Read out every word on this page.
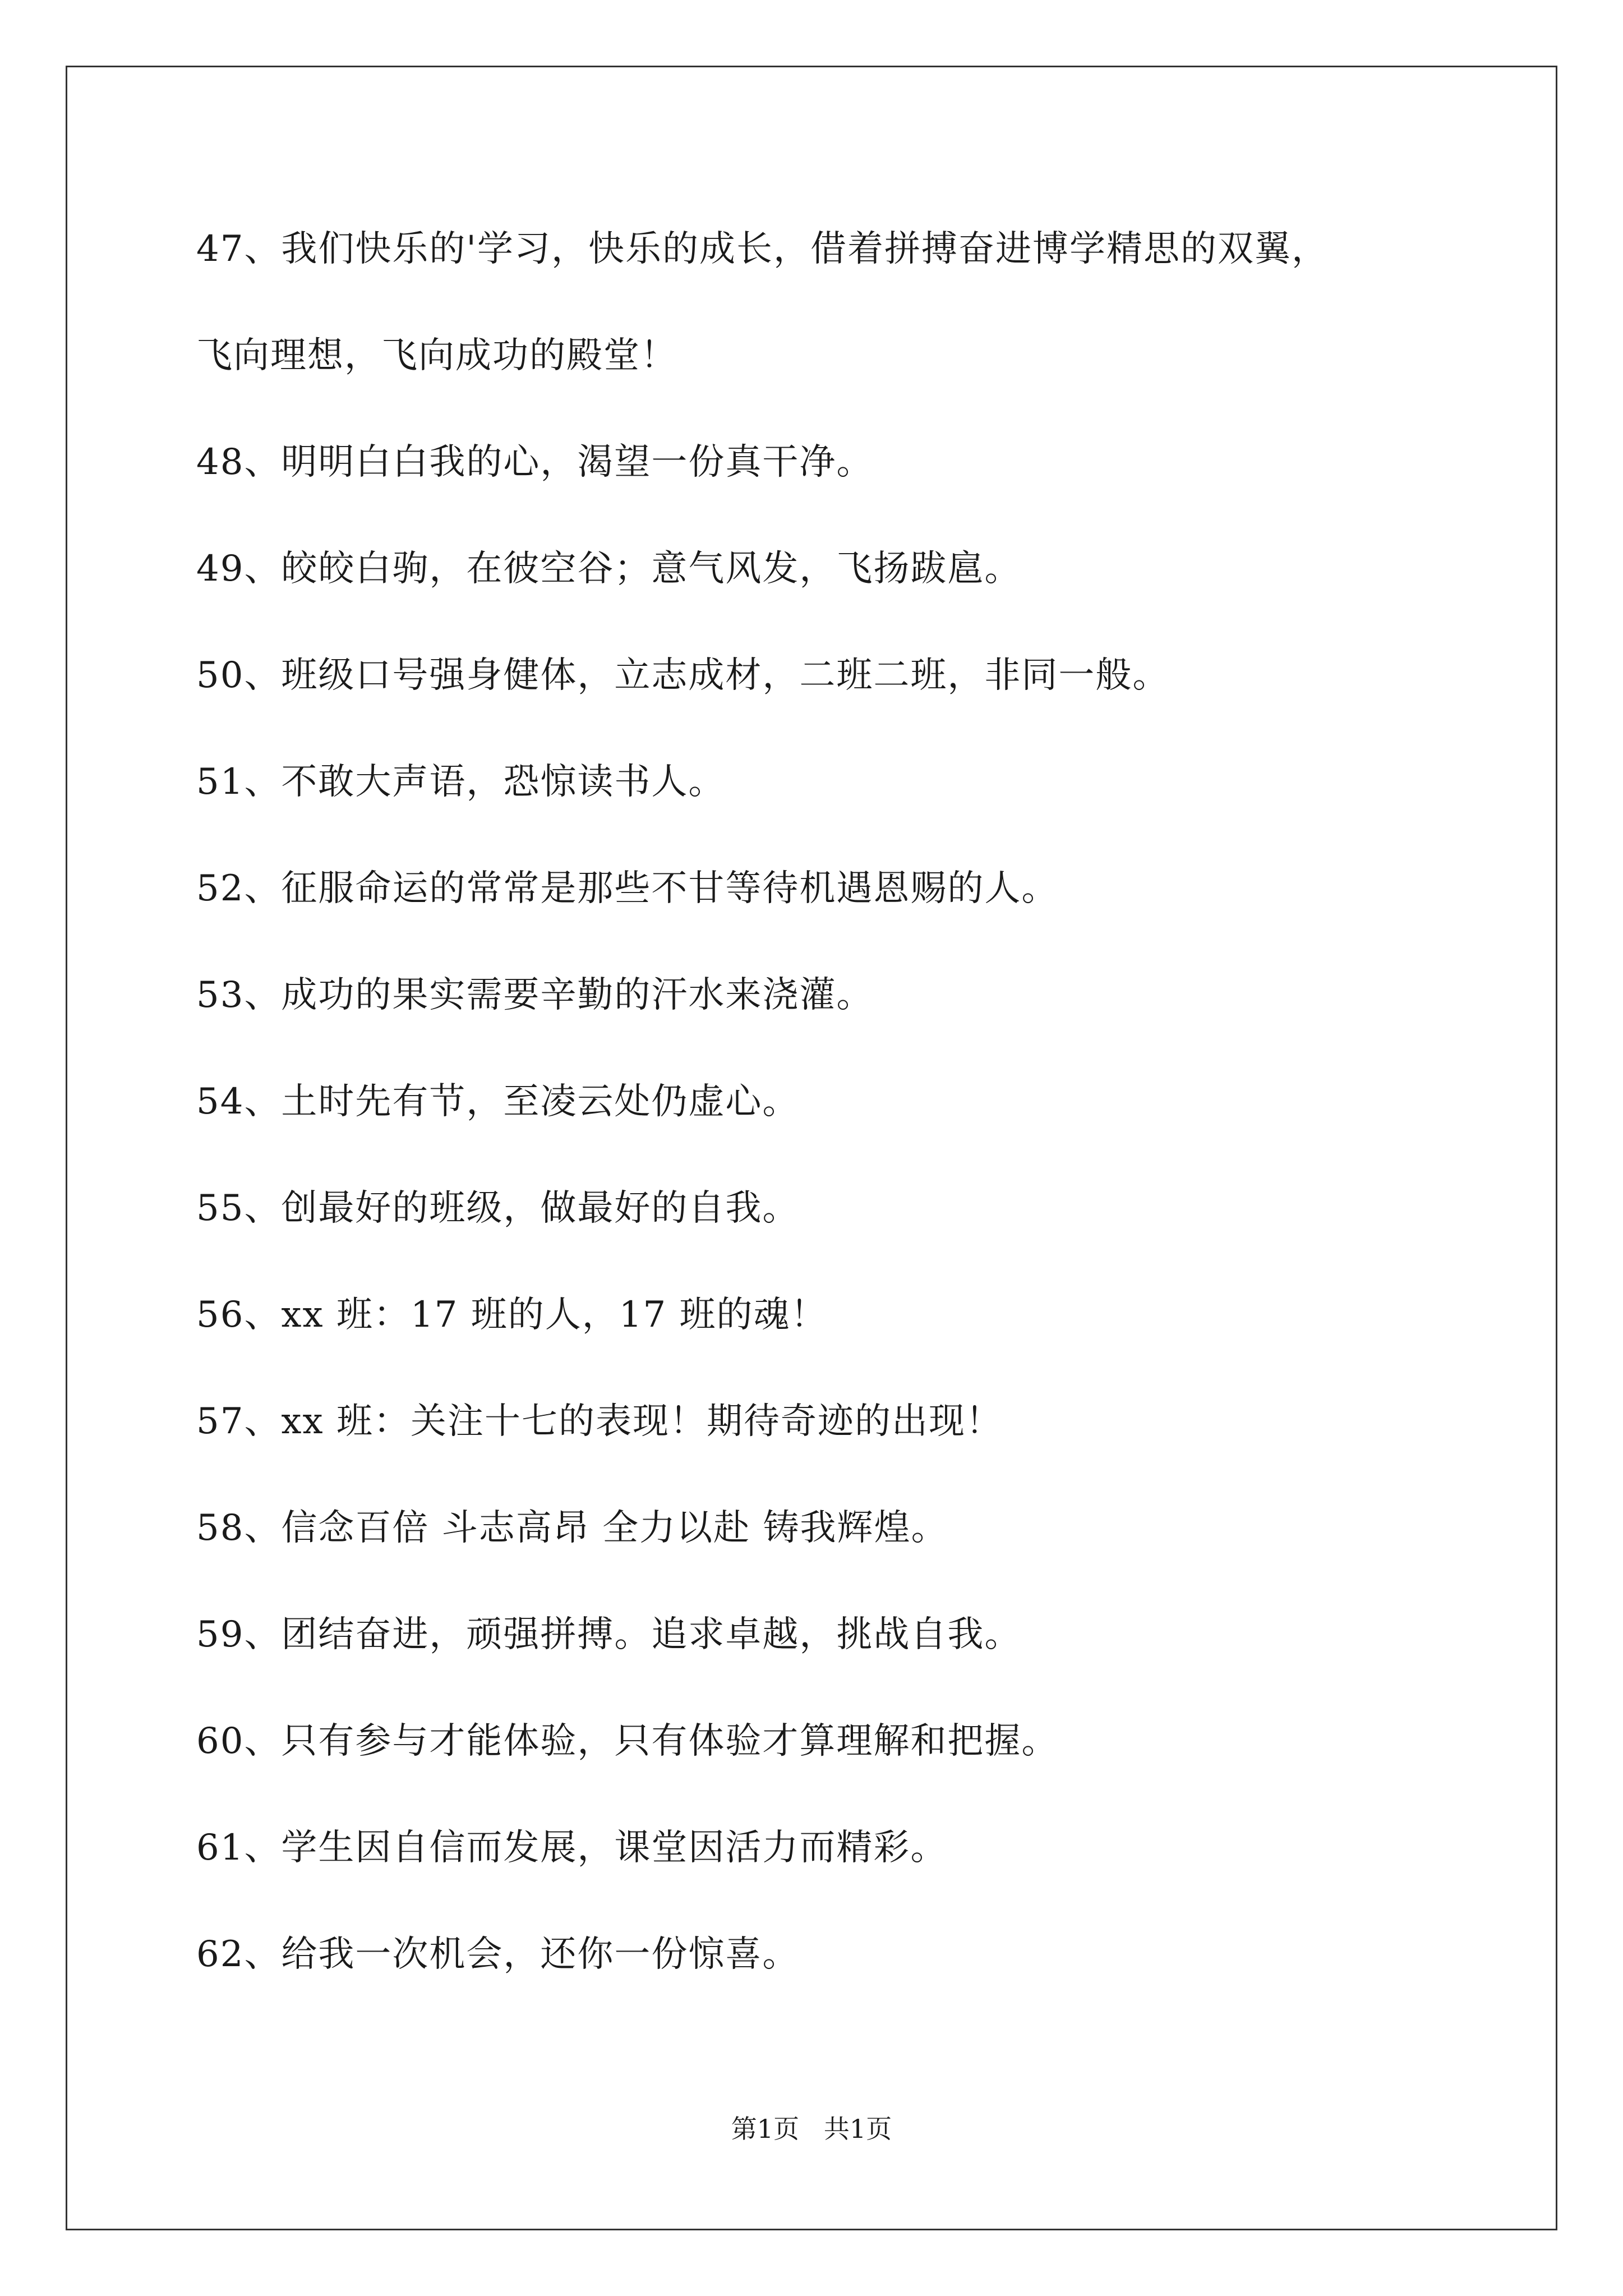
47、我们快乐的'学习，快乐的成长，借着拼搏奋进博学精思的双翼，
飞向理想，飞向成功的殿堂！
48、明明白白我的心，渴望一份真干净。
49、皎皎白驹，在彼空谷；意气风发，飞扬跋扈。
50、班级口号强身健体，立志成材，二班二班，非同一般。
51、不敢大声语，恐惊读书人。
52、征服命运的常常是那些不甘等待机遇恩赐的人。
53、成功的果实需要辛勤的汗水来浇灌。
54、土时先有节，至凌云处仍虚心。
55、创最好的班级，做最好的自我。
56、xx 班：17 班的人，17 班的魂！
57、xx 班：关注十七的表现！期待奇迹的出现！
58、信念百倍 斗志高昂 全力以赴 铸我辉煌。
59、团结奋进，顽强拼搏。追求卓越，挑战自我。
60、只有参与才能体验，只有体验才算理解和把握。
61、学生因自信而发展，课堂因活力而精彩。
62、给我一次机会，还你一份惊喜。
第1页   共1页
